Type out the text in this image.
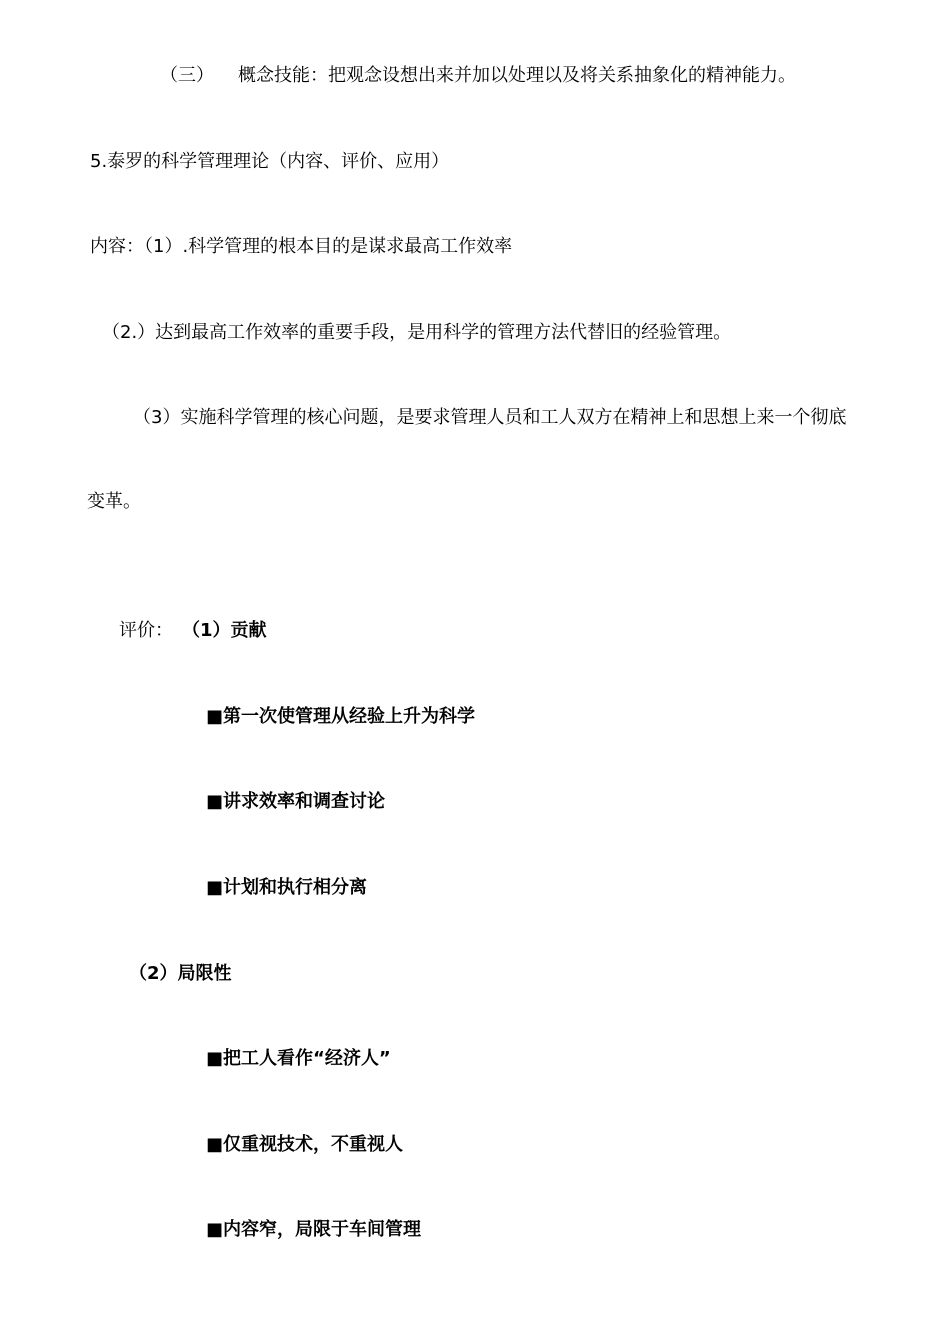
（三） 概念技能：把观念设想出来并加以处理以及将关系抽象化的精神能力。
5.泰罗的科学管理理论（内容、评价、应用）
内容：（1）.科学管理的根本目的是谋求最高工作效率
（2.）达到最高工作效率的重要手段，是用科学的管理方法代替旧的经验管理。
（3）实施科学管理的核心问题，是要求管理人员和工人双方在精神上和思想上来一个彻底
变革。
评价： （1）贡献
■第一次使管理从经验上升为科学
■讲求效率和调查讨论
■计划和执行相分离
（2）局限性
■把工人看作“经济人”
■仅重视技术，不重视人
■内容窄，局限于车间管理
